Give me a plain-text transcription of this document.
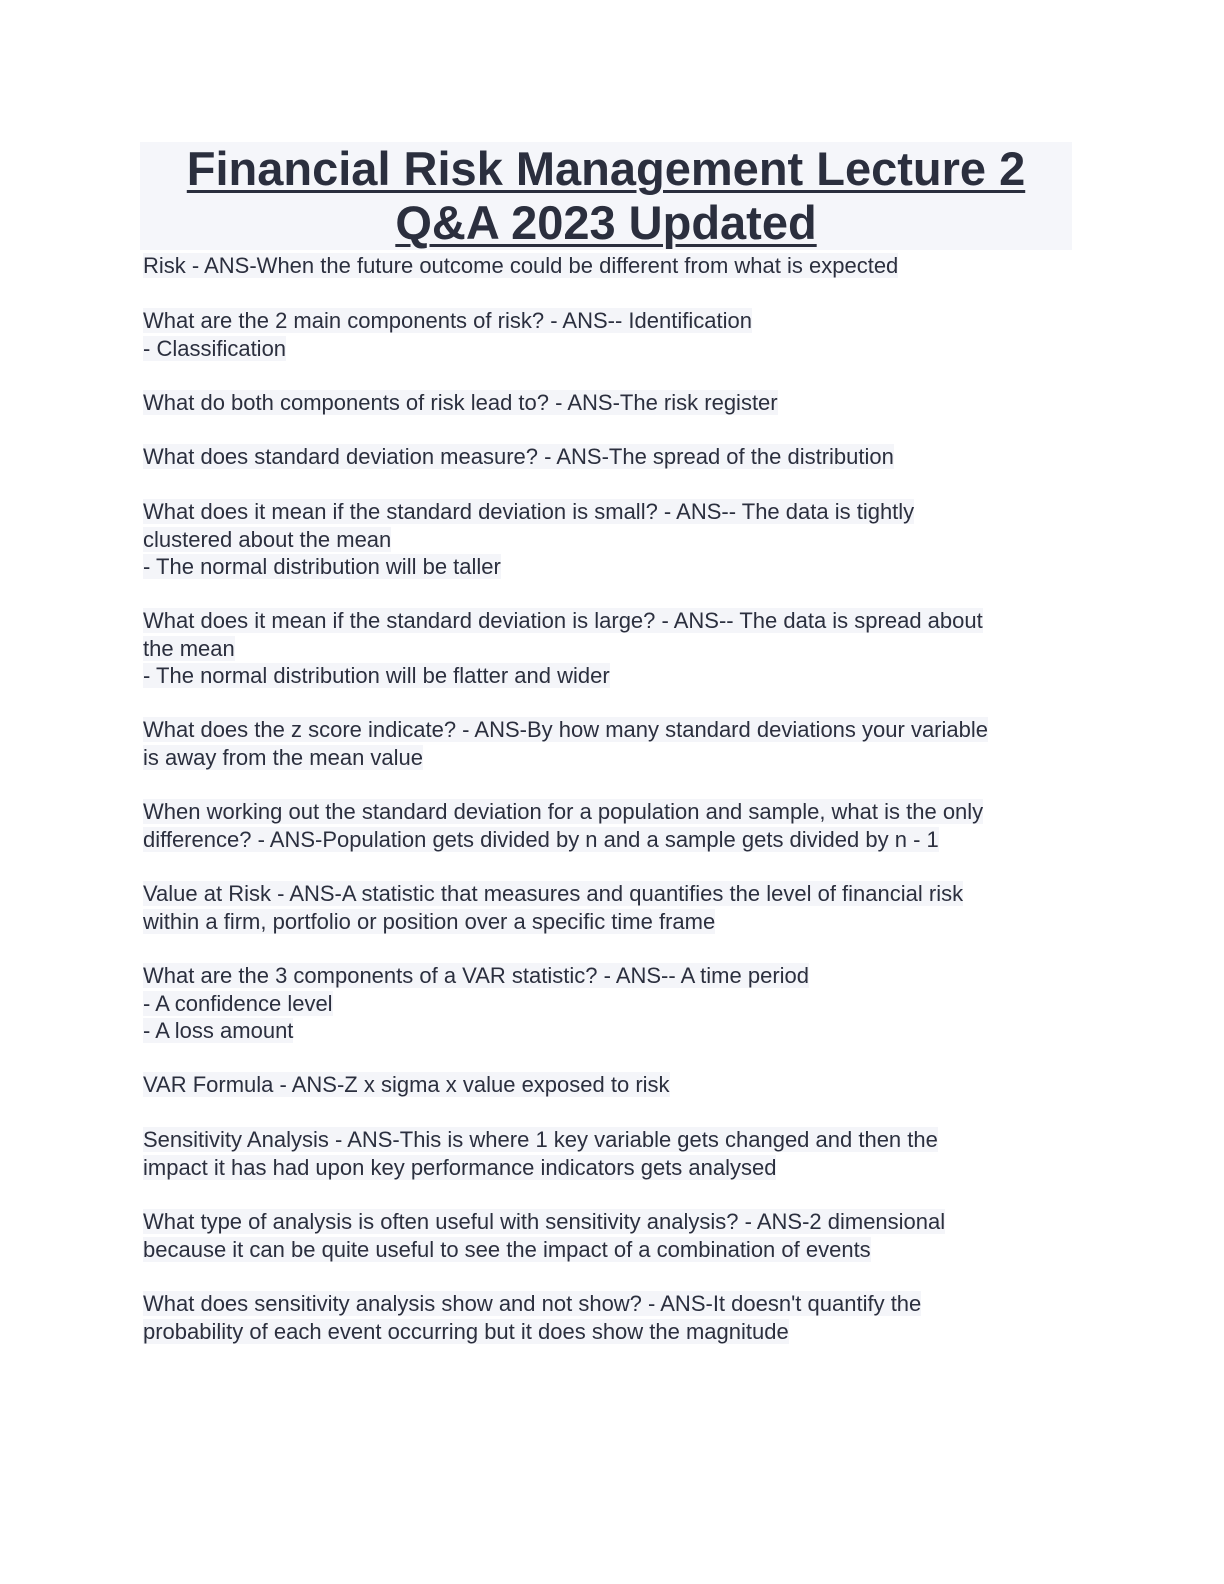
Financial Risk Management Lecture 2
Q&A 2023 Updated
Risk - ANS-When the future outcome could be different from what is expected
What are the 2 main components of risk? - ANS-- Identification
- Classification
What do both components of risk lead to? - ANS-The risk register
What does standard deviation measure? - ANS-The spread of the distribution
What does it mean if the standard deviation is small? - ANS-- The data is tightly
clustered about the mean
- The normal distribution will be taller
What does it mean if the standard deviation is large? - ANS-- The data is spread about
the mean
- The normal distribution will be flatter and wider
What does the z score indicate? - ANS-By how many standard deviations your variable
is away from the mean value
When working out the standard deviation for a population and sample, what is the only
difference? - ANS-Population gets divided by n and a sample gets divided by n - 1
Value at Risk - ANS-A statistic that measures and quantifies the level of financial risk
within a firm, portfolio or position over a specific time frame
What are the 3 components of a VAR statistic? - ANS-- A time period
- A confidence level
- A loss amount
VAR Formula - ANS-Z x sigma x value exposed to risk
Sensitivity Analysis - ANS-This is where 1 key variable gets changed and then the
impact it has had upon key performance indicators gets analysed
What type of analysis is often useful with sensitivity analysis? - ANS-2 dimensional
because it can be quite useful to see the impact of a combination of events
What does sensitivity analysis show and not show? - ANS-It doesn't quantify the
probability of each event occurring but it does show the magnitude
